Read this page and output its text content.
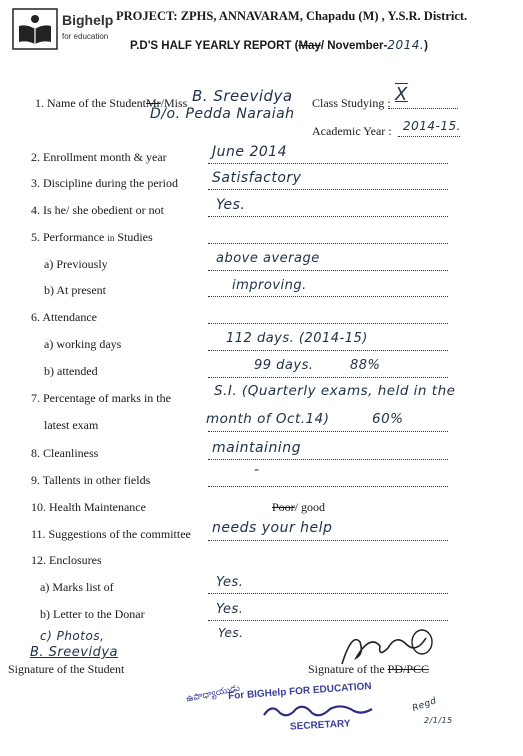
Bighelp
for education
PROJECT: ZPHS, ANNAVARAM, Chapadu (M) , Y.S.R. District.
P.D'S HALF YEARLY REPORT (May/ November-2014.)
1. Name of the StudentMr/Miss B. Sreevidya
D/o. Pedda Naraiah
Class Studying : X
Academic Year : 2014-15.
2. Enrollment month & year	June 2014
3. Discipline during the period Satisfactory
4. Is he/ she obedient or not	Yes.
5. Performance in Studies
a) Previously	above average
b) At present	improving.
6. Attendance
a) working days	112 days. (2014-15)
b) attended	99 days.	88%
7. Percentage of marks in the
latest exam
S.I. (Quarterly exams, held in the
month of Oct.14)	60%
8. Cleanliness	maintaining
9. Tallents in other fields
-
10. Health Maintenance	Poor/ good
11. Suggestions of the committee needs your help
12. Enclosures
a) Marks list of	Yes.
b) Letter to the Donar	Yes.
c) Photos,	Yes.
B. Sreevidya
Signature of the Student	Signature of the PD/PCC
ఉపాధ్యాయుడు
For BIGHelp FOR EDUCATION
SECRETARY
Regd
2/1/15
